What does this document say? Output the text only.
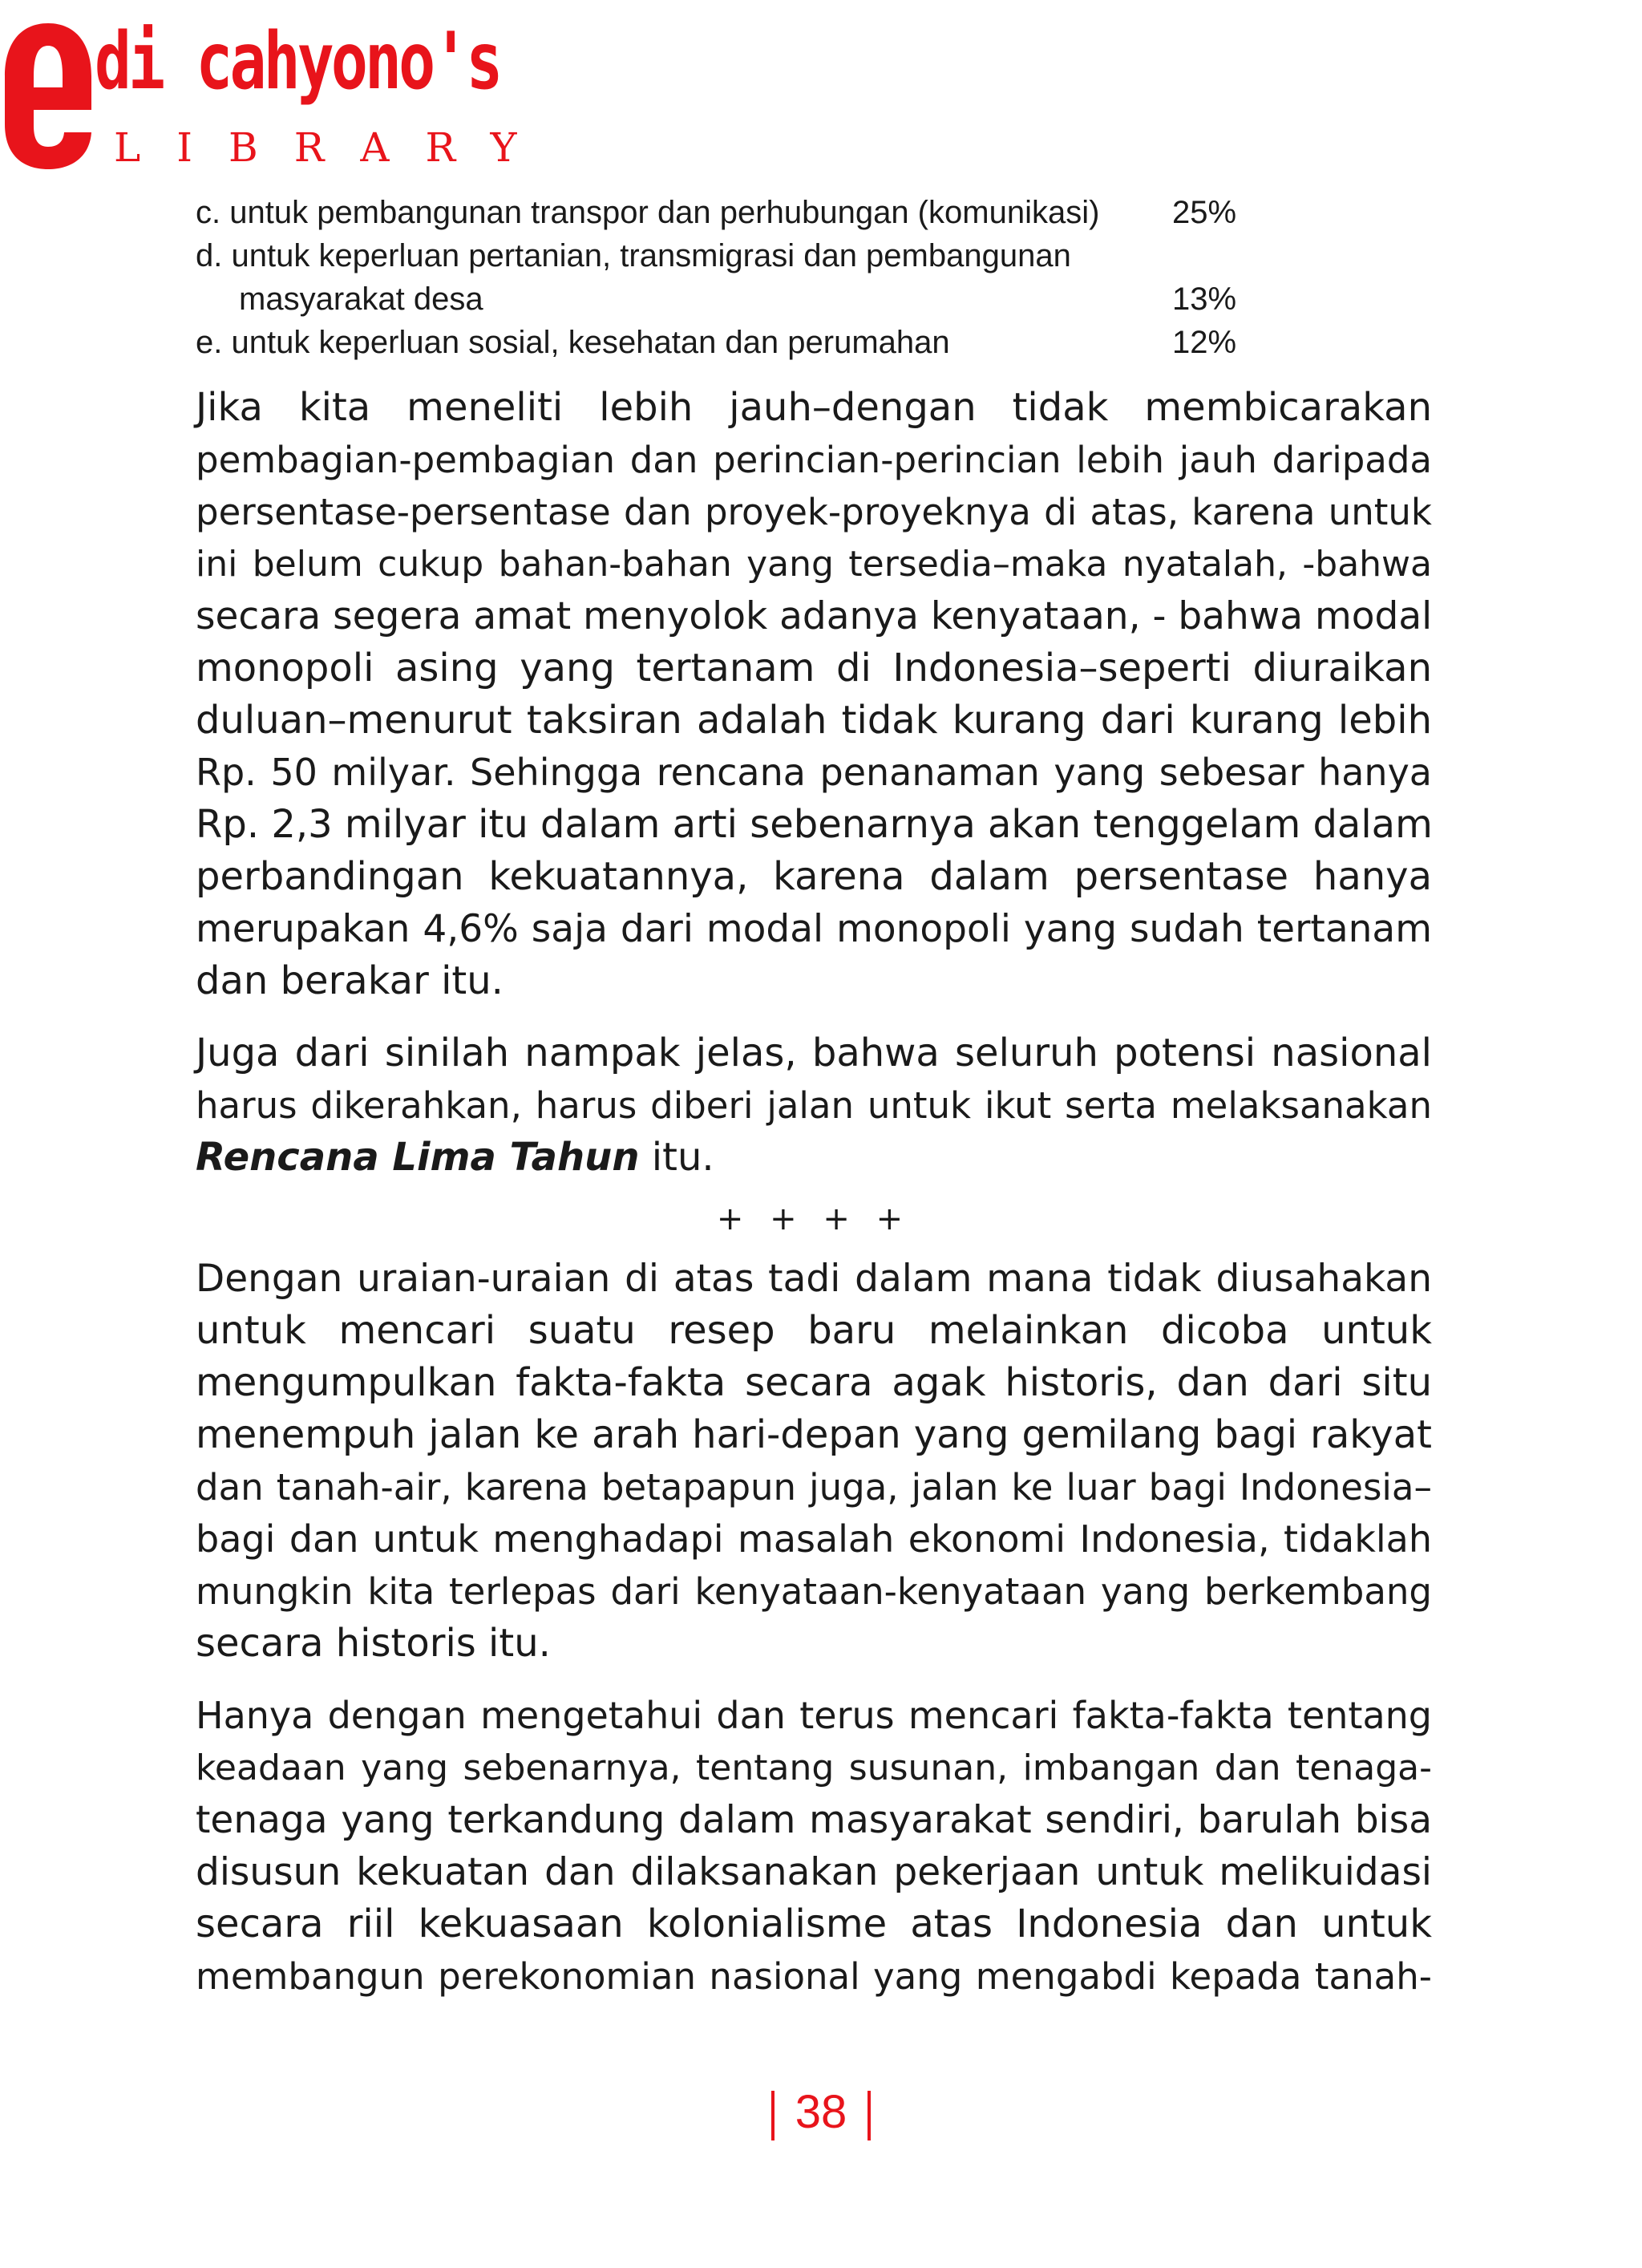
di cahyono's
LIBRARY
c. untuk pembangunan transpor dan perhubungan (komunikasi) 25%
d. untuk keperluan pertanian, transmigrasi dan pembangunan
masyarakat desa	13%
e. untuk keperluan sosial, kesehatan dan perumahan	12%

Jika kita meneliti lebih jauh–dengan tidak membicarakan
pembagian-pembagian dan perincian-perincian lebih jauh daripada
persentase-persentase dan proyek-proyeknya di atas, karena untuk
ini belum cukup bahan-bahan yang tersedia–maka nyatalah, -bahwa
secara segera amat menyolok adanya kenyataan, - bahwa modal
monopoli asing yang tertanam di Indonesia–seperti diuraikan
duluan–menurut taksiran adalah tidak kurang dari kurang lebih
Rp. 50 milyar. Sehingga rencana penanaman yang sebesar hanya
Rp. 2,3 milyar itu dalam arti sebenarnya akan tenggelam dalam
perbandingan kekuatannya, karena dalam persentase hanya
merupakan 4,6% saja dari modal monopoli yang sudah tertanam
dan berakar itu.

Juga dari sinilah nampak jelas, bahwa seluruh potensi nasional
harus dikerahkan, harus diberi jalan untuk ikut serta melaksanakan
Rencana Lima Tahun itu.

+ + + +

Dengan uraian-uraian di atas tadi dalam mana tidak diusahakan
untuk mencari suatu resep baru melainkan dicoba untuk
mengumpulkan fakta-fakta secara agak historis, dan dari situ
menempuh jalan ke arah hari-depan yang gemilang bagi rakyat
dan tanah-air, karena betapapun juga, jalan ke luar bagi Indonesia–
bagi dan untuk menghadapi masalah ekonomi Indonesia, tidaklah
mungkin kita terlepas dari kenyataan-kenyataan yang berkembang
secara historis itu.

Hanya dengan mengetahui dan terus mencari fakta-fakta tentang
keadaan yang sebenarnya, tentang susunan, imbangan dan tenaga-
tenaga yang terkandung dalam masyarakat sendiri, barulah bisa
disusun kekuatan dan dilaksanakan pekerjaan untuk melikuidasi
secara riil kekuasaan kolonialisme atas Indonesia dan untuk
membangun perekonomian nasional yang mengabdi kepada tanah-

38
